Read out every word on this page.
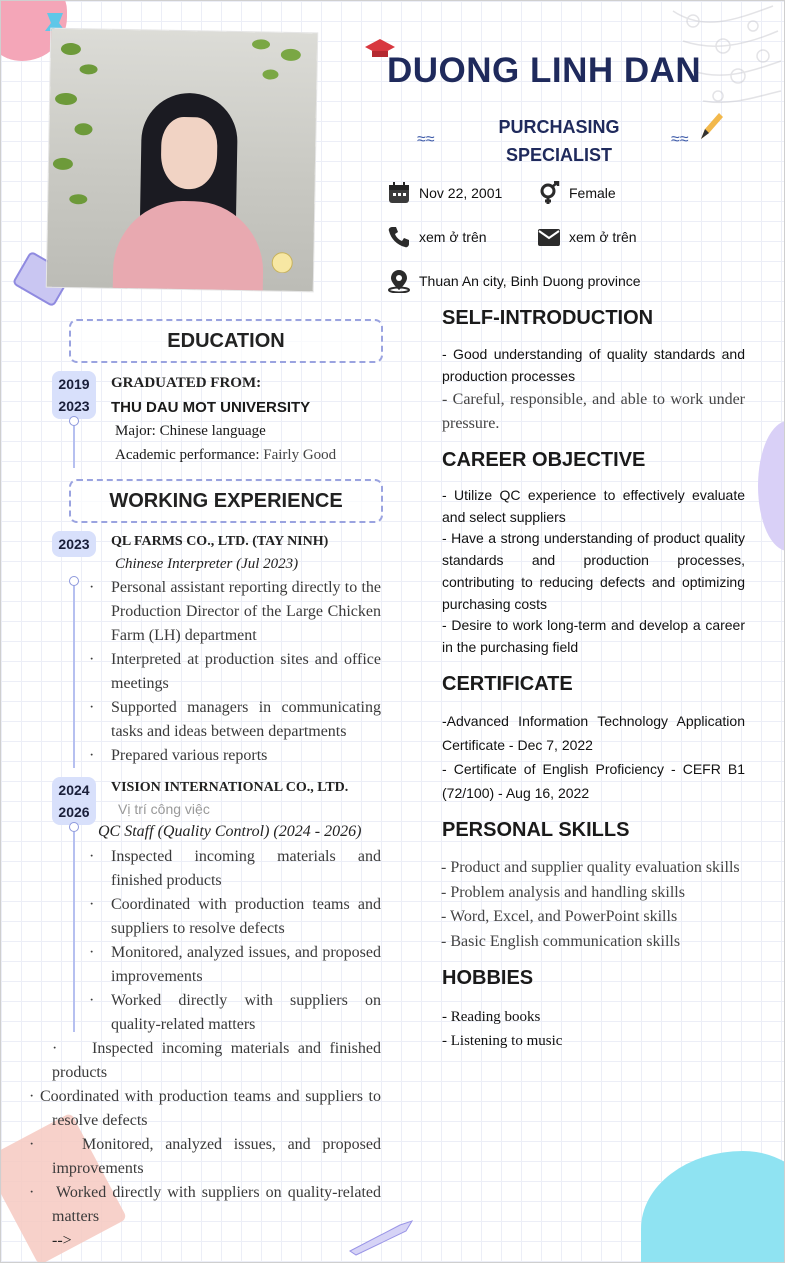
DUONG LINH DAN
≈≈
PURCHASING
SPECIALIST
≈≈
Nov 22, 2001	Female
xem ở trên	xem ở trên
Thuan An city, Binh Duong province
EDUCATION
2019
2023
GRADUATED FROM:
THU DAU MOT UNIVERSITY
Major: Chinese language
Academic performance: Fairly Good
WORKING EXPERIENCE
2023	QL FARMS CO., LTD. (TAY NINH)
Chinese Interpreter (Jul 2023)
· Personal assistant reporting directly to the Production Director of the Large Chicken Farm (LH) department
· Interpreted at production sites and office meetings
· Supported managers in communicating tasks and ideas between departments
· Prepared various reports
2024
2026
VISION INTERNATIONAL CO., LTD.
Vị trí công việc
QC Staff (Quality Control) (2024 - 2026)
· Inspected incoming materials and finished products
· Coordinated with production teams and suppliers to resolve defects
· Monitored, analyzed issues, and proposed improvements
· Worked directly with suppliers on quality-related matters
· Inspected incoming materials and finished products
· Coordinated with production teams and suppliers to resolve defects
·	Monitored, analyzed issues, and proposed improvements
· Worked directly with suppliers on quality-related matters
-->
SELF-INTRODUCTION
- Good understanding of quality standards and production processes
- Careful, responsible, and able to work under pressure.
CAREER OBJECTIVE
- Utilize QC experience to effectively evaluate and select suppliers
- Have a strong understanding of product quality standards and production processes, contributing to reducing defects and optimizing purchasing costs
- Desire to work long-term and develop a career in the purchasing field
CERTIFICATE
-Advanced Information Technology Application Certificate - Dec 7, 2022
- Certificate of English Proficiency - CEFR B1 (72/100) - Aug 16, 2022
PERSONAL SKILLS
- Product and supplier quality evaluation skills
- Problem analysis and handling skills
- Word, Excel, and PowerPoint skills
- Basic English communication skills
HOBBIES
- Reading books
- Listening to music
